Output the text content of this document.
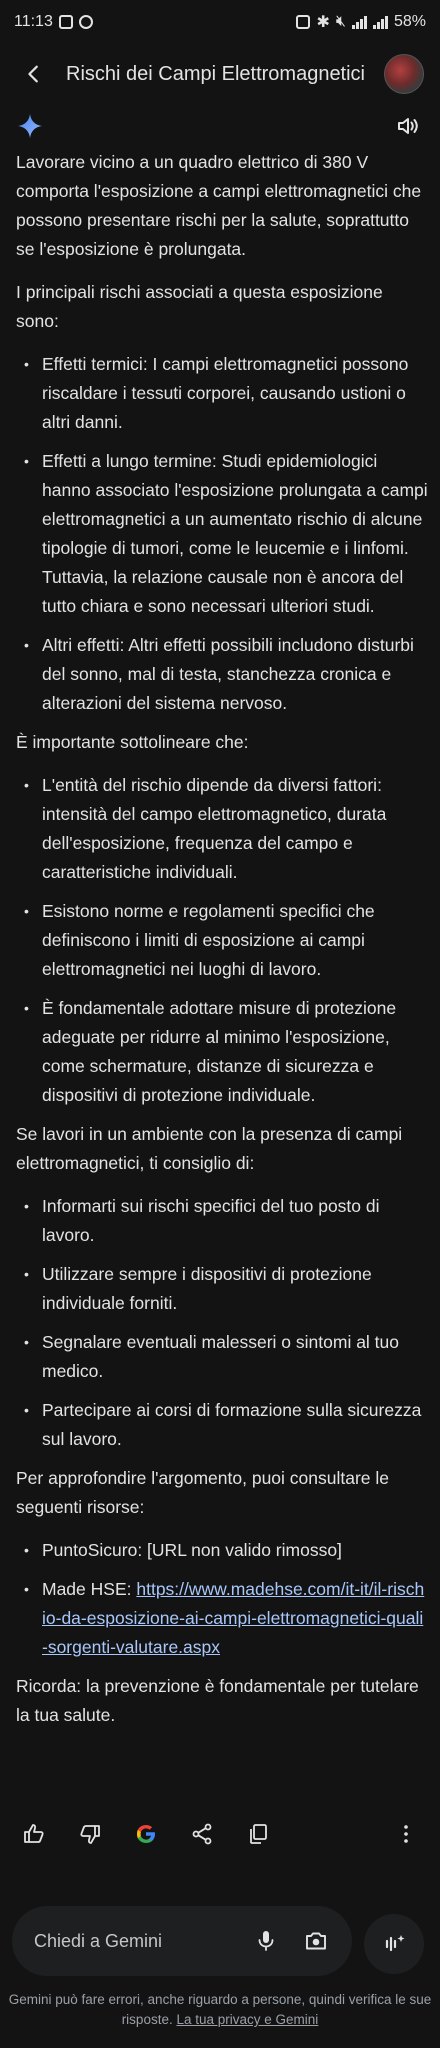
11:13	✱ 🔇︎	58%
Rischi dei Campi Elettromagnetici

Lavorare vicino a un quadro elettrico di 380 V comporta l'esposizione a campi elettromagnetici che possono presentare rischi per la salute, soprattutto se l'esposizione è prolungata.

I principali rischi associati a questa esposizione sono:

• Effetti termici: I campi elettromagnetici possono riscaldare i tessuti corporei, causando ustioni o altri danni.
• Effetti a lungo termine: Studi epidemiologici hanno associato l'esposizione prolungata a campi elettromagnetici a un aumentato rischio di alcune tipologie di tumori, come le leucemie e i linfomi. Tuttavia, la relazione causale non è ancora del tutto chiara e sono necessari ulteriori studi.
• Altri effetti: Altri effetti possibili includono disturbi del sonno, mal di testa, stanchezza cronica e alterazioni del sistema nervoso.

È importante sottolineare che:

• L'entità del rischio dipende da diversi fattori: intensità del campo elettromagnetico, durata dell'esposizione, frequenza del campo e caratteristiche individuali.
• Esistono norme e regolamenti specifici che definiscono i limiti di esposizione ai campi elettromagnetici nei luoghi di lavoro.
• È fondamentale adottare misure di protezione adeguate per ridurre al minimo l'esposizione, come schermature, distanze di sicurezza e dispositivi di protezione individuale.

Se lavori in un ambiente con la presenza di campi elettromagnetici, ti consiglio di:

• Informarti sui rischi specifici del tuo posto di lavoro.
• Utilizzare sempre i dispositivi di protezione individuale forniti.
• Segnalare eventuali malesseri o sintomi al tuo medico.
• Partecipare ai corsi di formazione sulla sicurezza sul lavoro.

Per approfondire l'argomento, puoi consultare le seguenti risorse:

• PuntoSicuro: [URL non valido rimosso]
• Made HSE: https://www.madehse.com/it-it/il-rischio-da-esposizione-ai-campi-elettromagnetici-quali-sorgenti-valutare.aspx

Ricorda: la prevenzione è fondamentale per tutelare la tua salute.

Chiedi a Gemini
Gemini può fare errori, anche riguardo a persone, quindi verifica le sue risposte. La tua privacy e Gemini
